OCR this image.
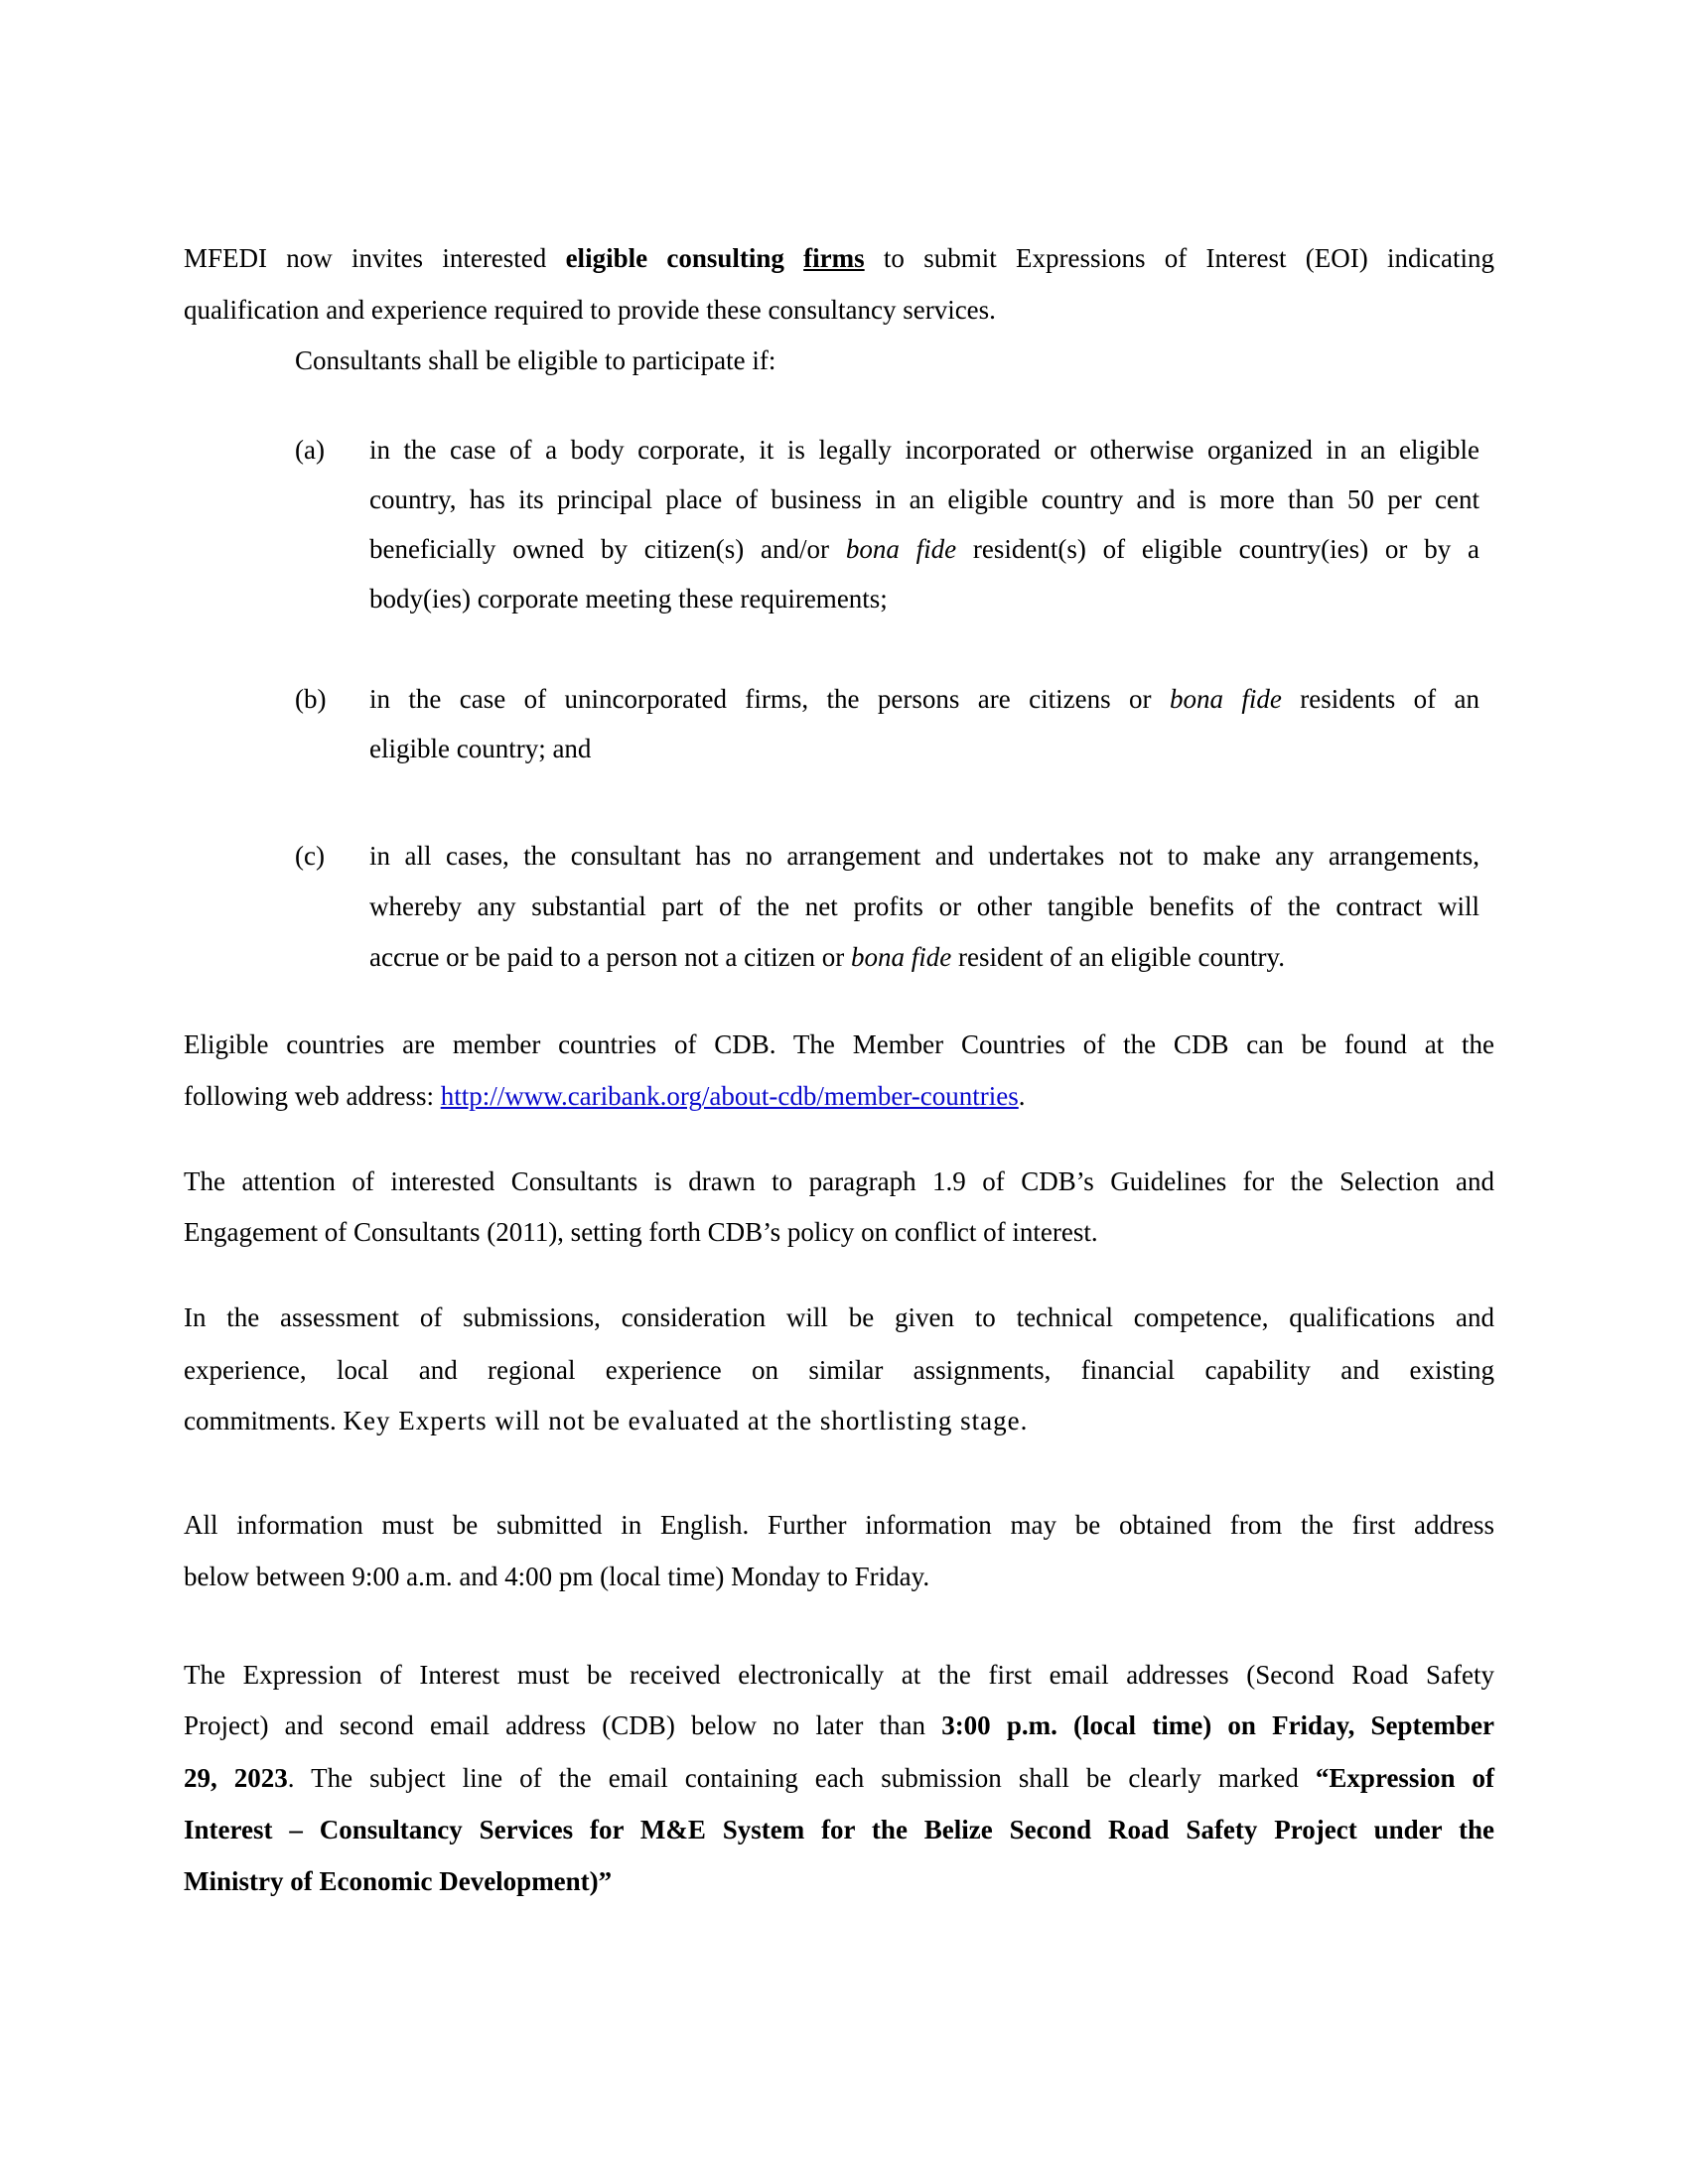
MFEDI now invites interested eligible consulting firms to submit Expressions of Interest (EOI) indicating
qualification and experience required to provide these consultancy services.
Consultants shall be eligible to participate if:
(a)	in the case of a body corporate, it is legally incorporated or otherwise organized in an eligible
country, has its principal place of business in an eligible country and is more than 50 per cent
beneficially owned by citizen(s) and/or bona fide resident(s) of eligible country(ies) or by a
body(ies) corporate meeting these requirements;
(b)	in the case of unincorporated firms, the persons are citizens or bona fide residents of an
eligible country; and
(c)	in all cases, the consultant has no arrangement and undertakes not to make any arrangements,
whereby any substantial part of the net profits or other tangible benefits of the contract will
accrue or be paid to a person not a citizen or bona fide resident of an eligible country.
Eligible countries are member countries of CDB. The Member Countries of the CDB can be found at the
following web address: http://www.caribank.org/about-cdb/member-countries.
The attention of interested Consultants is drawn to paragraph 1.9 of CDB’s Guidelines for the Selection and
Engagement of Consultants (2011), setting forth CDB’s policy on conflict of interest.
In the assessment of submissions, consideration will be given to technical competence, qualifications and
experience, local and regional experience on similar assignments, financial capability and existing
commitments. Key Experts will not be evaluated at the shortlisting stage.
All information must be submitted in English. Further information may be obtained from the first address
below between 9:00 a.m. and 4:00 pm (local time) Monday to Friday.
The Expression of Interest must be received electronically at the first email addresses (Second Road Safety
Project) and second email address (CDB) below no later than 3:00 p.m. (local time) on Friday, September
29, 2023. The subject line of the email containing each submission shall be clearly marked “Expression of
Interest – Consultancy Services for M&E System for the Belize Second Road Safety Project under the
Ministry of Economic Development)”
